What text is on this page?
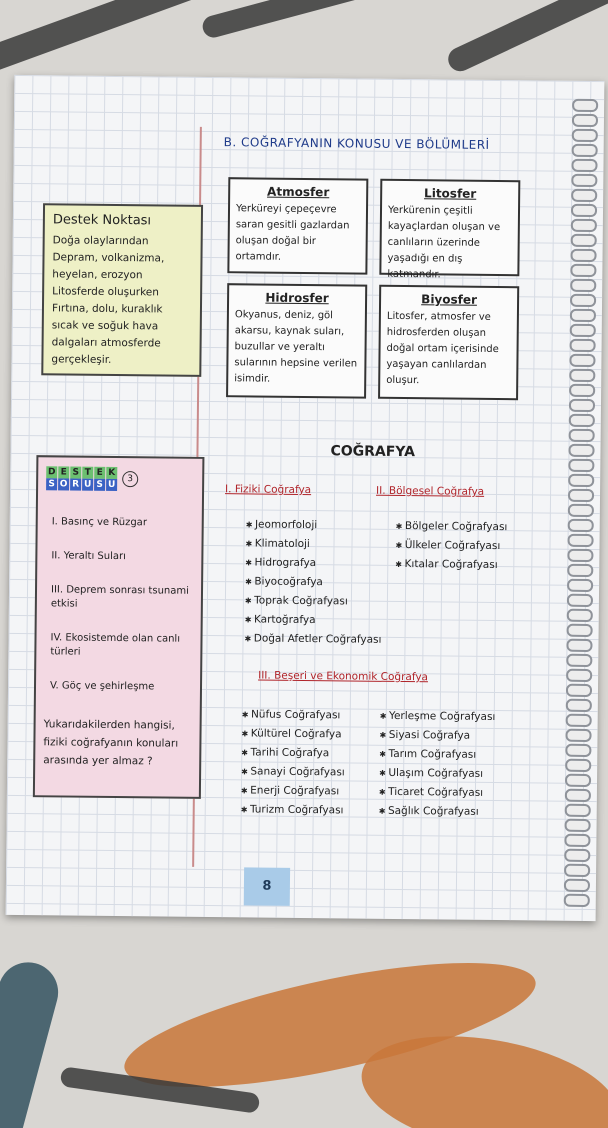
B. COĞRAFYANIN KONUSU VE BÖLÜMLERİ
Atmosfer
Yerküreyi çepeçevre saran gesitli gazlardan oluşan doğal bir ortamdır.
Litosfer
Yerkürenin çeşitli kayaçlardan oluşan ve canlıların üzerinde yaşadığı en dış katmandır.
Hidrosfer
Okyanus, deniz, göl akarsu, kaynak suları, buzullar ve yeraltı sularının hepsine verilen isimdir.
Biyosfer
Litosfer, atmosfer ve hidrosferden oluşan doğal ortam içerisinde yaşayan canlılardan oluşur.
Destek Noktası
Doğa olaylarından Depram, volkanizma, heyelan, erozyon Litosferde oluşurken Fırtına, dolu, kuraklık sıcak ve soğuk hava dalgaları atmosferde gerçekleşir.
D E S T E K
S O R U S U
3
I. Basınç ve Rüzgar
II. Yeraltı Suları
III. Deprem sonrası tsunami etkisi
IV. Ekosistemde olan canlı türleri
V. Göç ve şehirleşme
Yukarıdakilerden hangisi, fiziki coğrafyanın konuları arasında yer almaz ?
COĞRAFYA
I. Fiziki Coğrafya	II. Bölgesel Coğrafya
✱ Jeomorfoloji
✱ Klimatoloji
✱ Hidrografya
✱ Biyocoğrafya
✱ Toprak Coğrafyası
✱ Kartoğrafya
✱ Doğal Afetler Coğrafyası
✱ Bölgeler Coğrafyası
✱ Ülkeler Coğrafyası
✱ Kıtalar Coğrafyası
III. Beşeri ve Ekonomik Coğrafya
✱ Nüfus Coğrafyası
✱ Kültürel Coğrafya
✱ Tarihi Coğrafya
✱ Sanayi Coğrafyası
✱ Enerji Coğrafyası
✱ Turizm Coğrafyası
✱ Yerleşme Coğrafyası
✱ Siyasi Coğrafya
✱ Tarım Coğrafyası
✱ Ulaşım Coğrafyası
✱ Ticaret Coğrafyası
✱ Sağlık Coğrafyası
8
